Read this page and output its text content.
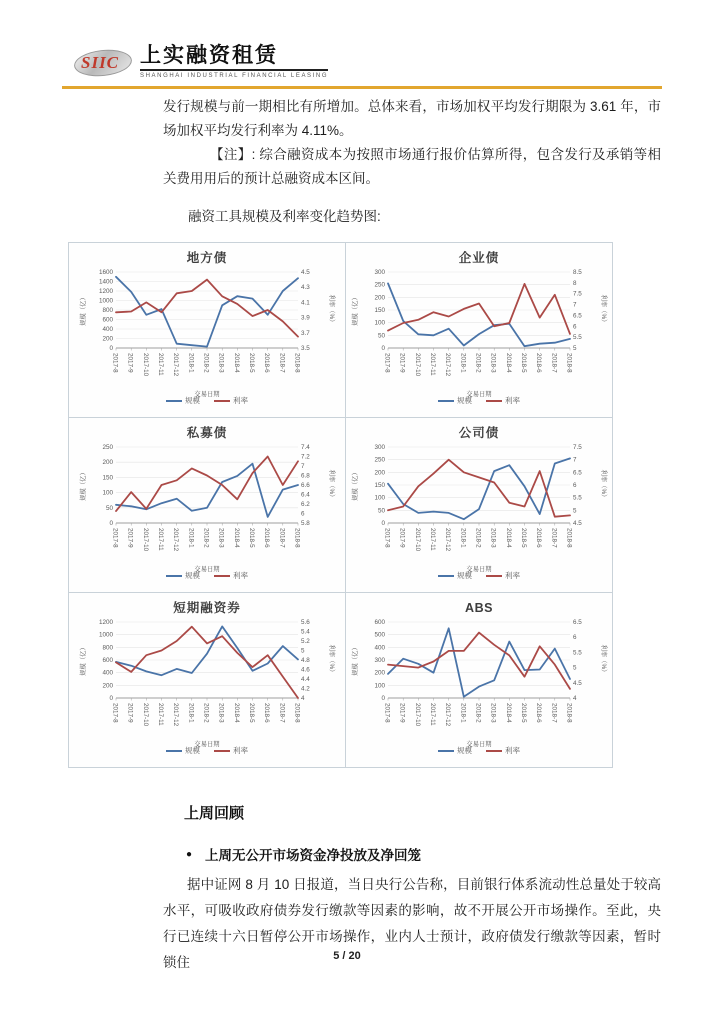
SIIC 上实融资租赁
SHANGHAI INDUSTRIAL FINANCIAL LEASING

发行规模与前一期相比有所增加。总体来看，市场加权平均发行期限为 3.61 年，市场加权平均发行利率为 4.11%。

【注】: 综合融资成本为按照市场通行报价估算所得，包含发行及承销等相关费用用后的预计总融资成本区间。

融资工具规模及利率变化趋势图:
地方债
0
200
400
600
800
1000
1200
1400
1600
3.5
3.7
3.9
4.1
4.3
4.5
2017-8 2017-9 2017-10 2017-11 2017-12 2018-1 2018-2 2018-3 2018-4 2018-5 2018-6 2018-7 2018-8
交易日期
规模（亿）	利率（%）
规模	利率
企业债
0
50
100
150
200
250
300
5
5.5
6
6.5
7
7.5
8
8.5
2017-8 2017-9 2017-10 2017-11 2017-12 2018-1 2018-2 2018-3 2018-4 2018-5 2018-6 2018-7 2018-8
交易日期
规模（亿）	利率（%）
规模	利率
私募债
0
50
100
150
200
250
5.8
6
6.2
6.4
6.6
6.8
7
7.2
7.4
2017-8 2017-9 2017-10 2017-11 2017-12 2018-1 2018-2 2018-3 2018-4 2018-5 2018-6 2018-7 2018-8
交易日期
规模（亿）	利率（%）
规模	利率
公司债
0
50
100
150
200
250
300
4.5
5
5.5
6
6.5
7
7.5
2017-8 2017-9 2017-10 2017-11 2017-12 2018-1 2018-2 2018-3 2018-4 2018-5 2018-6 2018-7 2018-8
交易日期
规模（亿）	利率（%）
规模	利率
短期融资券
0
200
400
600
800
1000
1200
4
4.2
4.4
4.6
4.8
5
5.2
5.4
5.6
2017-8 2017-9 2017-10 2017-11 2017-12 2018-1 2018-2 2018-3 2018-4 2018-5 2018-6 2018-7 2018-8
交易日期
规模（亿）	利率（%）
规模	利率
ABS
0
100
200
300
400
500
600
4
4.5
5
5.5
6
6.5
2017-8 2017-9 2017-10 2017-11 2017-12 2018-1 2018-2 2018-3 2018-4 2018-5 2018-6 2018-7 2018-8
交易日期
规模（亿）	利率（%）
规模	利率
上周回顾
● 上周无公开市场资金净投放及净回笼

据中证网 8 月 10 日报道，当日央行公告称，目前银行体系流动性总量处于较高水平，可吸收政府债券发行缴款等因素的影响，故不开展公开市场操作。至此，央行已连续十六日暂停公开市场操作，业内人士预计，政府债发行缴款等因素，暂时锁住	5 / 20
